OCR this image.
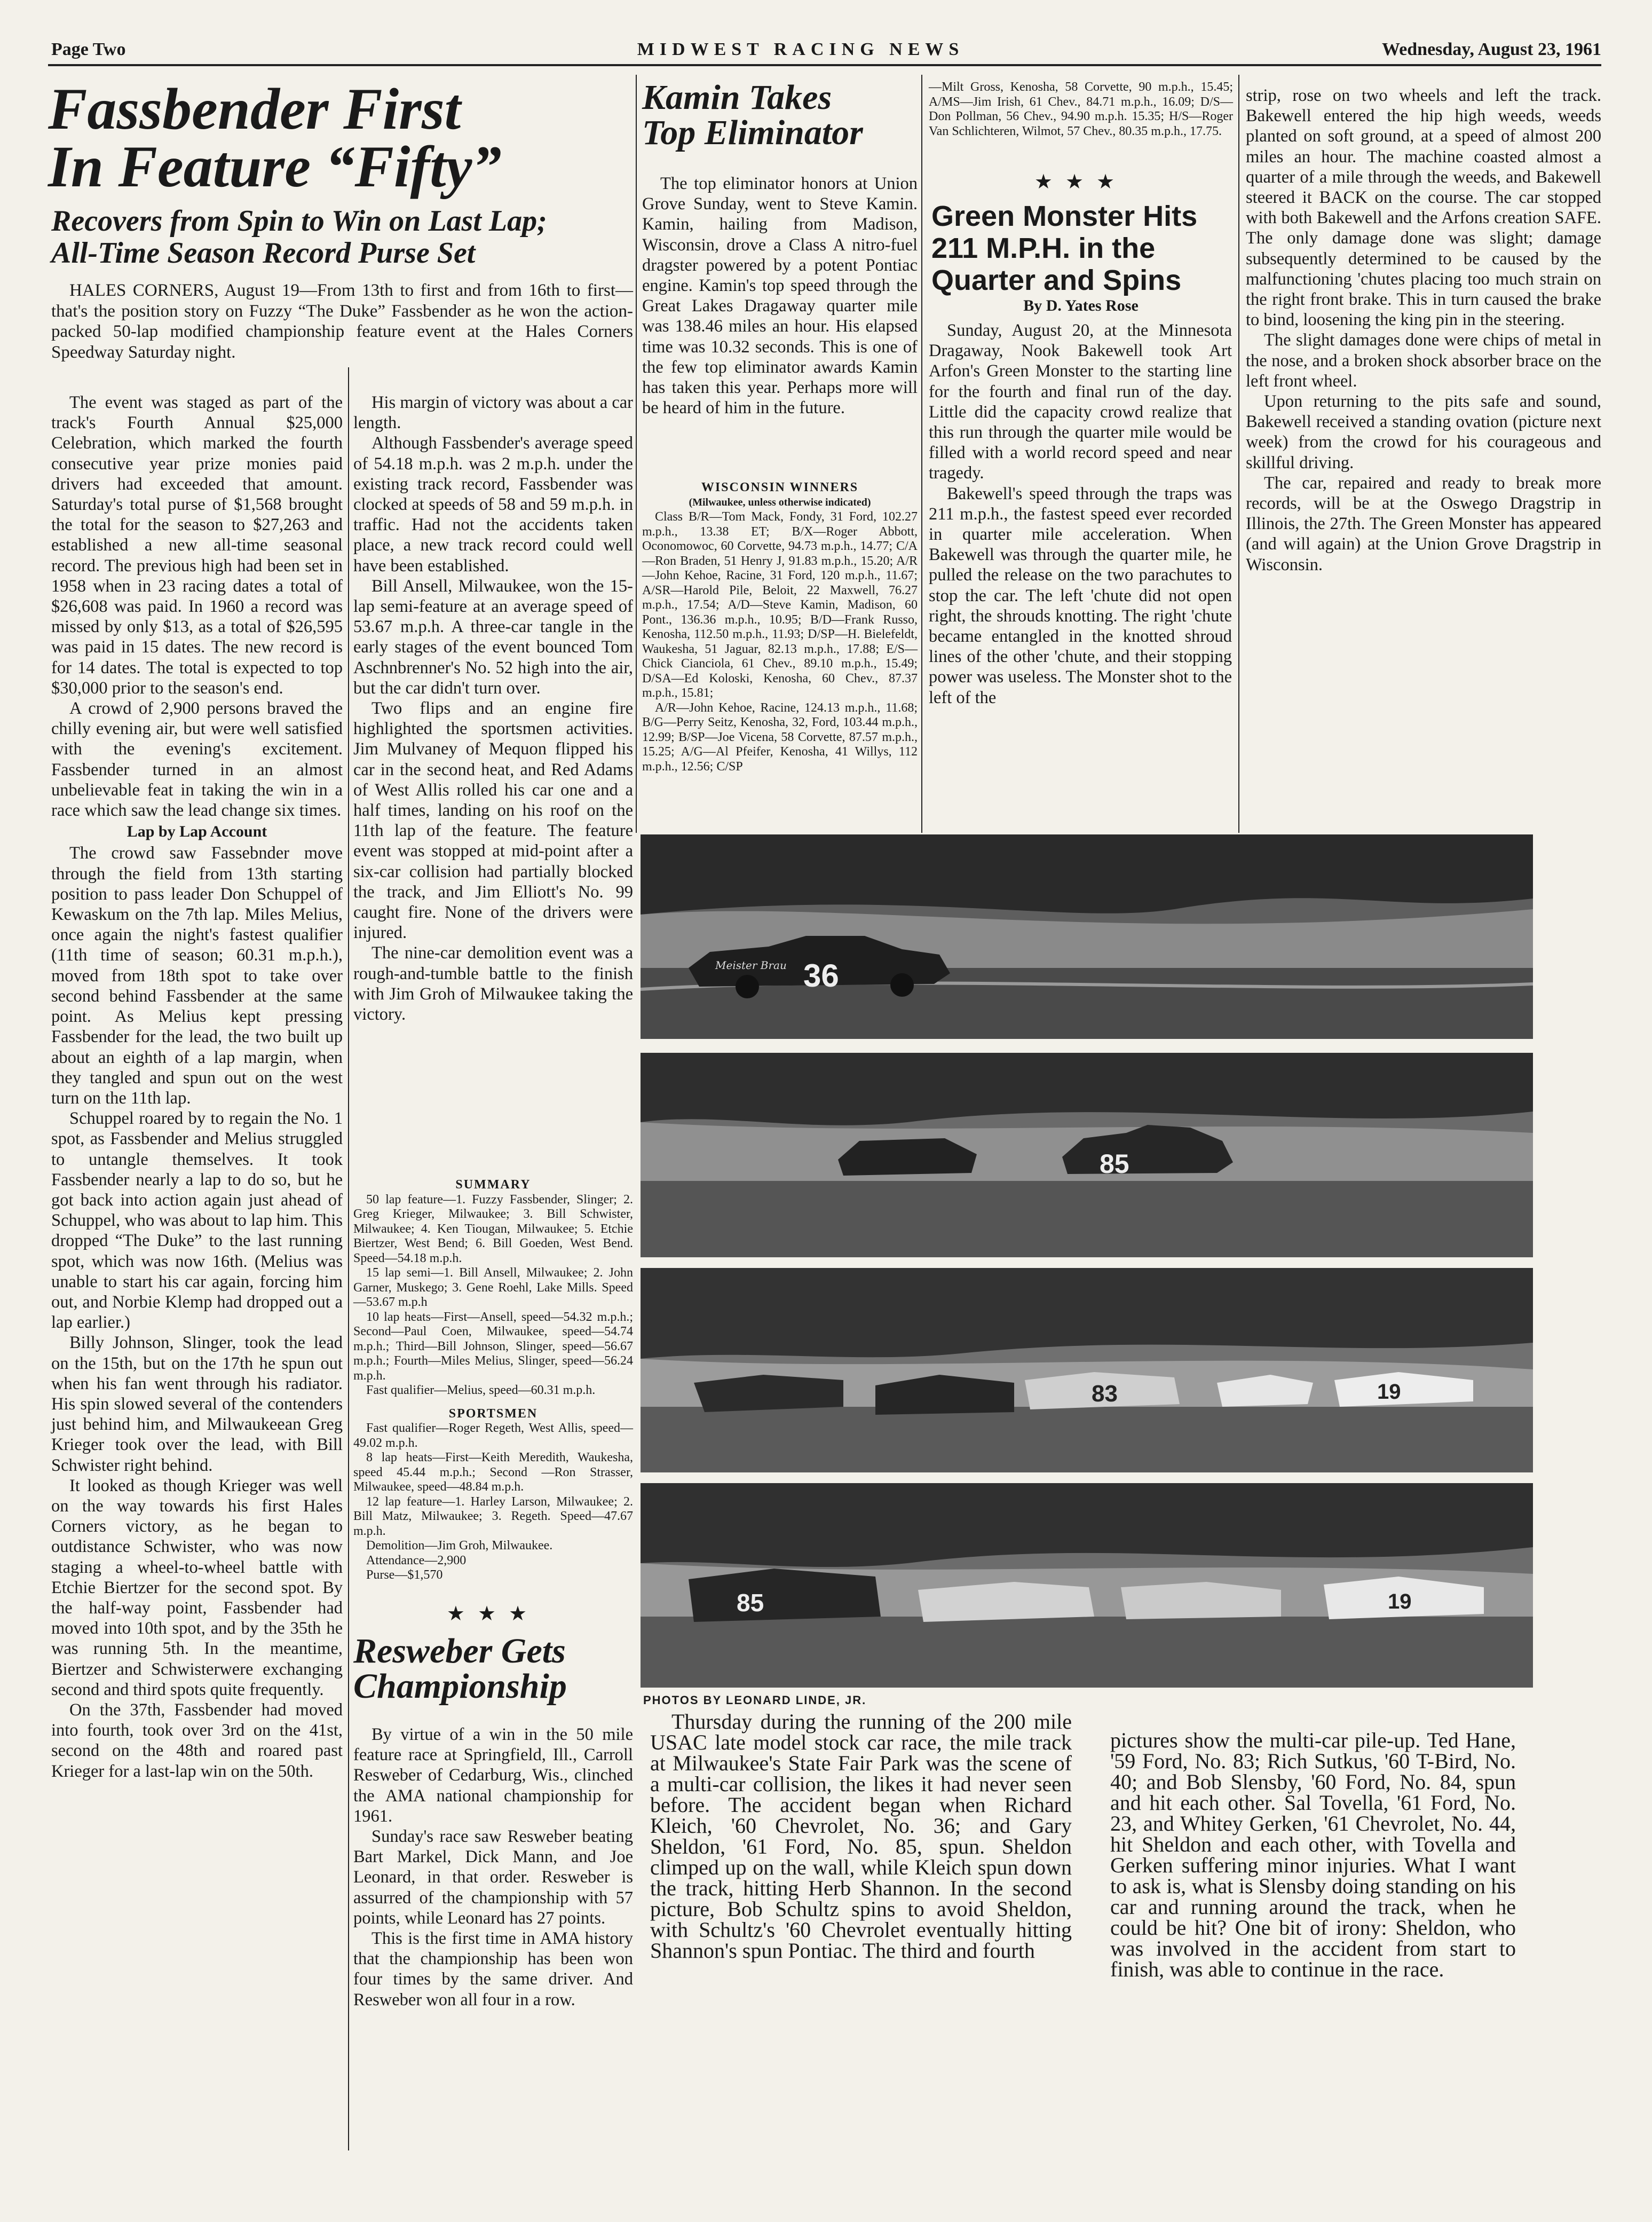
Page Two	MIDWEST RACING NEWS	Wednesday, August 23, 1961
Fassbender First
In Feature “Fifty”
Recovers from Spin to Win on Last Lap;
All-Time Season Record Purse Set

HALES CORNERS, August 19—From 13th to first and from 16th to first—that's the position story on Fuzzy “The Duke” Fassbender as he won the action-packed 50-lap modified championship feature event at the Hales Corners Speedway Saturday night.

The event was staged as part of the track's Fourth Annual $25,000 Celebration, which marked the fourth consecutive year prize monies paid drivers had exceeded that amount. Saturday's total purse of $1,568 brought the total for the season to $27,263 and established a new all-time seasonal record. The previous high had been set in 1958 when in 23 racing dates a total of $26,608 was paid. In 1960 a record was missed by only $13, as a total of $26,595 was paid in 15 dates. The new record is for 14 dates. The total is expected to top $30,000 prior to the season's end.

A crowd of 2,900 persons braved the chilly evening air, but were well satisfied with the evening's excitement. Fassbender turned in an almost unbelievable feat in taking the win in a race which saw the lead change six times.

Lap by Lap Account

The crowd saw Fassebnder move through the field from 13th starting position to pass leader Don Schuppel of Kewaskum on the 7th lap. Miles Melius, once again the night's fastest qualifier (11th time of season; 60.31 m.p.h.), moved from 18th spot to take over second behind Fassbender at the same point. As Melius kept pressing Fassbender for the lead, the two built up about an eighth of a lap margin, when they tangled and spun out on the west turn on the 11th lap.

Schuppel roared by to regain the No. 1 spot, as Fassbender and Melius struggled to untangle themselves. It took Fassbender nearly a lap to do so, but he got back into action again just ahead of Schuppel, who was about to lap him. This dropped “The Duke” to the last running spot, which was now 16th. (Melius was unable to start his car again, forcing him out, and Norbie Klemp had dropped out a lap earlier.)

Billy Johnson, Slinger, took the lead on the 15th, but on the 17th he spun out when his fan went through his radiator. His spin slowed several of the contenders just behind him, and Milwaukeean Greg Krieger took over the lead, with Bill Schwister right behind.

It looked as though Krieger was well on the way towards his first Hales Corners victory, as he began to outdistance Schwister, who was now staging a wheel-to-wheel battle with Etchie Biertzer for the second spot. By the half-way point, Fassbender had moved into 10th spot, and by the 35th he was running 5th. In the meantime, Biertzer and Schwisterwere exchanging second and third spots quite frequently.

On the 37th, Fassbender had moved into fourth, took over 3rd on the 41st, second on the 48th and roared past Krieger for a last-lap win on the 50th.

His margin of victory was about a car length.

Although Fassbender's average speed of 54.18 m.p.h. was 2 m.p.h. under the existing track record, Fassbender was clocked at speeds of 58 and 59 m.p.h. in traffic. Had not the accidents taken place, a new track record could well have been established.

Bill Ansell, Milwaukee, won the 15-lap semi-feature at an average speed of 53.67 m.p.h. A three-car tangle in the early stages of the event bounced Tom Aschnbrenner's No. 52 high into the air, but the car didn't turn over.

Two flips and an engine fire highlighted the sportsmen activities. Jim Mulvaney of Mequon flipped his car in the second heat, and Red Adams of West Allis rolled his car one and a half times, landing on his roof on the 11th lap of the feature. The feature event was stopped at mid-point after a six-car collision had partially blocked the track, and Jim Elliott's No. 99 caught fire. None of the drivers were injured.

The nine-car demolition event was a rough-and-tumble battle to the finish with Jim Groh of Milwaukee taking the victory.

SUMMARY

50 lap feature—1. Fuzzy Fassbender, Slinger; 2. Greg Krieger, Milwaukee; 3. Bill Schwister, Milwaukee; 4. Ken Tiougan, Milwaukee; 5. Etchie Biertzer, West Bend; 6. Bill Goeden, West Bend. Speed—54.18 m.p.h.

15 lap semi—1. Bill Ansell, Milwaukee; 2. John Garner, Muskego; 3. Gene Roehl, Lake Mills. Speed—53.67 m.p.h

10 lap heats—First—Ansell, speed—54.32 m.p.h.; Second—Paul Coen, Milwaukee, speed—54.74 m.p.h.; Third—Bill Johnson, Slinger, speed—56.67 m.p.h.; Fourth—Miles Melius, Slinger, speed—56.24 m.p.h.

Fast qualifier—Melius, speed—60.31 m.p.h.

SPORTSMEN

Fast qualifier—Roger Regeth, West Allis, speed—49.02 m.p.h.

8 lap heats—First—Keith Meredith, Waukesha, speed 45.44 m.p.h.; Second —Ron Strasser, Milwaukee, speed—48.84 m.p.h.

12 lap feature—1. Harley Larson, Milwaukee; 2. Bill Matz, Milwaukee; 3. Regeth. Speed—47.67 m.p.h.

Demolition—Jim Groh, Milwaukee.

Attendance—2,900

Purse—$1,570

★★★
Resweber Gets
Championship

By virtue of a win in the 50 mile feature race at Springfield, Ill., Carroll Resweber of Cedarburg, Wis., clinched the AMA national championship for 1961.

Sunday's race saw Resweber beating Bart Markel, Dick Mann, and Joe Leonard, in that order. Resweber is assurred of the championship with 57 points, while Leonard has 27 points.

This is the first time in AMA history that the championship has been won four times by the same driver. And Resweber won all four in a row.

Kamin Takes
Top Eliminator

The top eliminator honors at Union Grove Sunday, went to Steve Kamin. Kamin, hailing from Madison, Wisconsin, drove a Class A nitro-fuel dragster powered by a potent Pontiac engine. Kamin's top speed through the Great Lakes Dragaway quarter mile was 138.46 miles an hour. His elapsed time was 10.32 seconds. This is one of the few top eliminator awards Kamin has taken this year. Perhaps more will be heard of him in the future.

WISCONSIN WINNERS
(Milwaukee, unless otherwise indicated)

Class B/R—Tom Mack, Fondy, 31 Ford, 102.27 m.p.h., 13.38 ET; B/X—Roger Abbott, Oconomowoc, 60 Corvette, 94.73 m.p.h., 14.77; C/A—Ron Braden, 51 Henry J, 91.83 m.p.h., 15.20; A/R—John Kehoe, Racine, 31 Ford, 120 m.p.h., 11.67; A/SR—Harold Pile, Beloit, 22 Maxwell, 76.27 m.p.h., 17.54; A/D—Steve Kamin, Madison, 60 Pont., 136.36 m.p.h., 10.95; B/D—Frank Russo, Kenosha, 112.50 m.p.h., 11.93; D/SP—H. Bielefeldt, Waukesha, 51 Jaguar, 82.13 m.p.h., 17.88; E/S—Chick Cianciola, 61 Chev., 89.10 m.p.h., 15.49; D/SA—Ed Koloski, Kenosha, 60 Chev., 87.37 m.p.h., 15.81;

A/R—John Kehoe, Racine, 124.13 m.p.h., 11.68; B/G—Perry Seitz, Kenosha, 32, Ford, 103.44 m.p.h., 12.99; B/SP—Joe Vicena, 58 Corvette, 87.57 m.p.h., 15.25; A/G—Al Pfeifer, Kenosha, 41 Willys, 112 m.p.h., 12.56; C/SP

—Milt Gross, Kenosha, 58 Corvette, 90 m.p.h., 15.45; A/MS—Jim Irish, 61 Chev., 84.71 m.p.h., 16.09; D/S—Don Pollman, 56 Chev., 94.90 m.p.h. 15.35; H/S—Roger Van Schlichteren, Wilmot, 57 Chev., 80.35 m.p.h., 17.75.

★★★
Green Monster Hits
211 M.P.H. in the
Quarter and Spins
By D. Yates Rose

Sunday, August 20, at the Minnesota Dragaway, Nook Bakewell took Art Arfon's Green Monster to the starting line for the fourth and final run of the day. Little did the capacity crowd realize that this run through the quarter mile would be filled with a world record speed and near tragedy.

Bakewell's speed through the traps was 211 m.p.h., the fastest speed ever recorded in quarter mile acceleration. When Bakewell was through the quarter mile, he pulled the release on the two parachutes to stop the car. The left 'chute did not open right, the shrouds knotting. The right 'chute became entangled in the knotted shroud lines of the other 'chute, and their stopping power was useless. The Monster shot to the left of the

strip, rose on two wheels and left the track. Bakewell entered the hip high weeds, weeds planted on soft ground, at a speed of almost 200 miles an hour. The machine coasted almost a quarter of a mile through the weeds, and Bakewell steered it BACK on the course. The car stopped with both Bakewell and the Arfons creation SAFE. The only damage done was slight; damage subsequently determined to be caused by the malfunctioning 'chutes placing too much strain on the right front brake. This in turn caused the brake to bind, loosening the king pin in the steering.

The slight damages done were chips of metal in the nose, and a broken shock absorber brace on the left front wheel.

Upon returning to the pits safe and sound, Bakewell received a standing ovation (picture next week) from the crowd for his courageous and skillful driving.

The car, repaired and ready to break more records, will be at the Oswego Dragstrip in Illinois, the 27th. The Green Monster has appeared (and will again) at the Union Grove Dragstrip in Wisconsin.

Meister Brau 36
85
83	19
85	19
PHOTOS BY LEONARD LINDE, JR.

Thursday during the running of the 200 mile USAC late model stock car race, the mile track at Milwaukee's State Fair Park was the scene of a multi-car collision, the likes it had never seen before. The accident began when Richard Kleich, '60 Chevrolet, No. 36; and Gary Sheldon, '61 Ford, No. 85, spun. Sheldon climped up on the wall, while Kleich spun down the track, hitting Herb Shannon. In the second picture, Bob Schultz spins to avoid Sheldon, with Schultz's '60 Chevrolet eventually hitting Shannon's spun Pontiac. The third and fourth

pictures show the multi-car pile-up. Ted Hane, '59 Ford, No. 83; Rich Sutkus, '60 T-Bird, No. 40; and Bob Slensby, '60 Ford, No. 84, spun and hit each other. Sal Tovella, '61 Ford, No. 23, and Whitey Gerken, '61 Chevrolet, No. 44, hit Sheldon and each other, with Tovella and Gerken suffering minor injuries. What I want to ask is, what is Slensby doing standing on his car and running around the track, when he could be hit? One bit of irony: Sheldon, who was involved in the accident from start to finish, was able to continue in the race.
